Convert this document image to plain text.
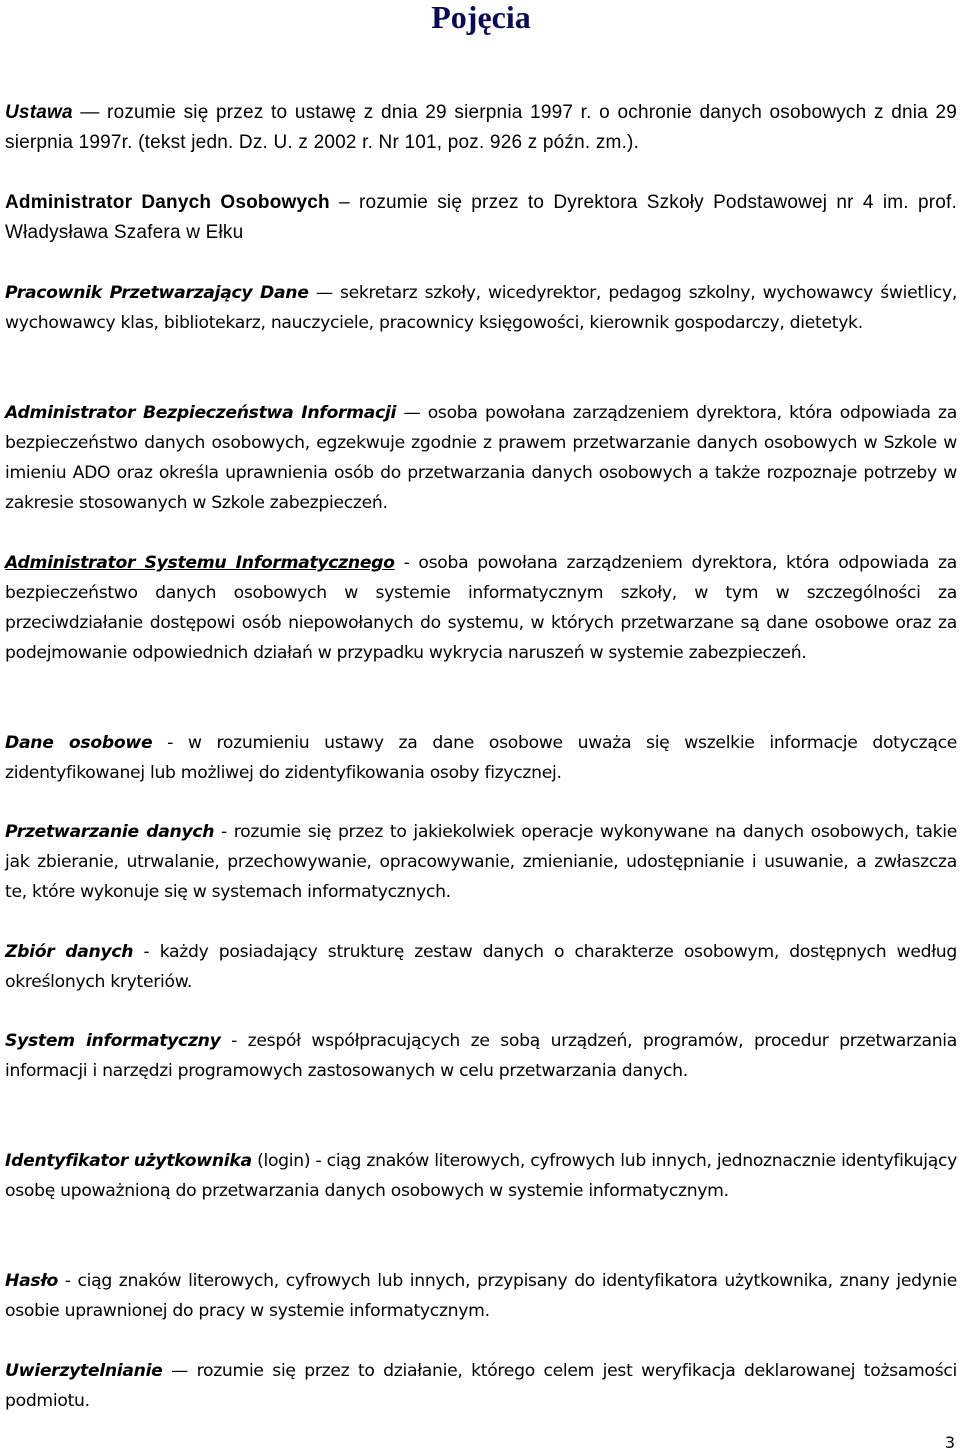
Pojęcia

Ustawa — rozumie się przez to ustawę z dnia 29 sierpnia 1997 r. o ochronie danych osobowych z dnia 29 sierpnia 1997r. (tekst jedn. Dz. U. z 2002 r. Nr 101, poz. 926 z późn. zm.).

Administrator Danych Osobowych – rozumie się przez to Dyrektora Szkoły Podstawowej nr 4 im. prof. Władysława Szafera w Ełku

Pracownik Przetwarzający Dane — sekretarz szkoły, wicedyrektor, pedagog szkolny, wychowawcy świetlicy, wychowawcy klas, bibliotekarz, nauczyciele, pracownicy księgowości, kierownik gospodarczy, dietetyk.

Administrator Bezpieczeństwa Informacji — osoba powołana zarządzeniem dyrektora, która odpowiada za bezpieczeństwo danych osobowych, egzekwuje zgodnie z prawem przetwarzanie danych osobowych w Szkole w imieniu ADO oraz określa uprawnienia osób do przetwarzania danych osobowych a także rozpoznaje potrzeby w zakresie stosowanych w Szkole zabezpieczeń.

Administrator Systemu Informatycznego - osoba powołana zarządzeniem dyrektora, która odpowiada za bezpieczeństwo danych osobowych w systemie informatycznym szkoły, w tym w szczególności za przeciwdziałanie dostępowi osób niepowołanych do systemu, w których przetwarzane są dane osobowe oraz za podejmowanie odpowiednich działań w przypadku wykrycia naruszeń w systemie zabezpieczeń.

Dane osobowe - w rozumieniu ustawy za dane osobowe uważa się wszelkie informacje dotyczące zidentyfikowanej lub możliwej do zidentyfikowania osoby fizycznej.

Przetwarzanie danych - rozumie się przez to jakiekolwiek operacje wykonywane na danych osobowych, takie jak zbieranie, utrwalanie, przechowywanie, opracowywanie, zmienianie, udostępnianie i usuwanie, a zwłaszcza te, które wykonuje się w systemach informatycznych.

Zbiór danych - każdy posiadający strukturę zestaw danych o charakterze osobowym, dostępnych według określonych kryteriów.

System informatyczny - zespół współpracujących ze sobą urządzeń, programów, procedur przetwarzania informacji i narzędzi programowych zastosowanych w celu przetwarzania danych.

Identyfikator użytkownika (login) - ciąg znaków literowych, cyfrowych lub innych, jednoznacznie identyfikujący osobę upoważnioną do przetwarzania danych osobowych w systemie informatycznym.

Hasło - ciąg znaków literowych, cyfrowych lub innych, przypisany do identyfikatora użytkownika, znany jedynie osobie uprawnionej do pracy w systemie informatycznym.

Uwierzytelnianie — rozumie się przez to działanie, którego celem jest weryfikacja deklarowanej tożsamości podmiotu.

3
